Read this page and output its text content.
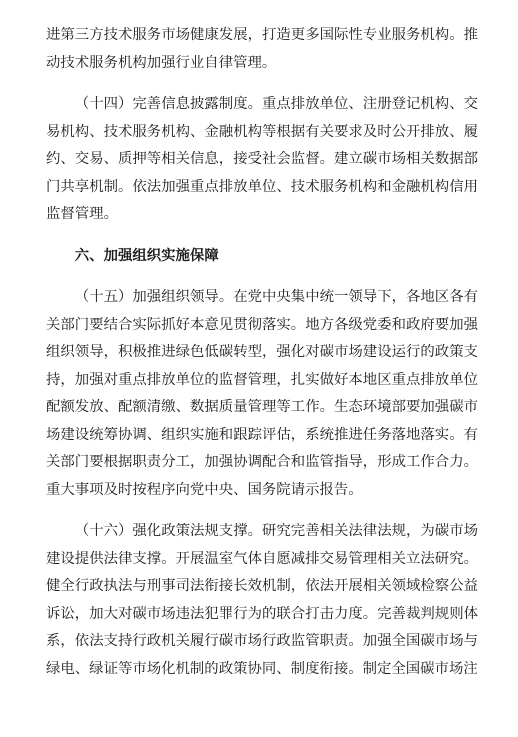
进第三方技术服务市场健康发展，打造更多国际性专业服务机构。推动技术服务机构加强行业自律管理。

（十四）完善信息披露制度。重点排放单位、注册登记机构、交易机构、技术服务机构、金融机构等根据有关要求及时公开排放、履约、交易、质押等相关信息，接受社会监督。建立碳市场相关数据部门共享机制。依法加强重点排放单位、技术服务机构和金融机构信用监督管理。

六、加强组织实施保障

（十五）加强组织领导。在党中央集中统一领导下，各地区各有关部门要结合实际抓好本意见贯彻落实。地方各级党委和政府要加强组织领导，积极推进绿色低碳转型，强化对碳市场建设运行的政策支持，加强对重点排放单位的监督管理，扎实做好本地区重点排放单位配额发放、配额清缴、数据质量管理等工作。生态环境部要加强碳市场建设统筹协调、组织实施和跟踪评估，系统推进任务落地落实。有关部门要根据职责分工，加强协调配合和监管指导，形成工作合力。重大事项及时按程序向党中央、国务院请示报告。

（十六）强化政策法规支撑。研究完善相关法律法规，为碳市场建设提供法律支撑。开展温室气体自愿减排交易管理相关立法研究。健全行政执法与刑事司法衔接长效机制，依法开展相关领域检察公益诉讼，加大对碳市场违法犯罪行为的联合打击力度。完善裁判规则体系，依法支持行政机关履行碳市场行政监管职责。加强全国碳市场与绿电、绿证等市场化机制的政策协同、制度衔接。制定全国碳市场注
